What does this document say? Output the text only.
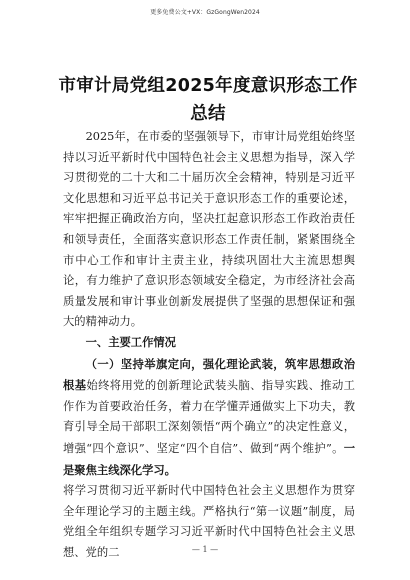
更多免费公文+VX：GzGongWen2024
市审计局党组2025年度意识形态工作总结

2025年，在市委的坚强领导下，市审计局党组始终坚持以习近平新时代中国特色社会主义思想为指导，深入学习贯彻党的二十大和二十届历次全会精神，特别是习近平文化思想和习近平总书记关于意识形态工作的重要论述，牢牢把握正确政治方向，坚决扛起意识形态工作政治责任和领导责任，全面落实意识形态工作责任制，紧紧围绕全市中心工作和审计主责主业，持续巩固壮大主流思想舆论，有力维护了意识形态领域安全稳定，为市经济社会高质量发展和审计事业创新发展提供了坚强的思想保证和强大的精神动力。

一、主要工作情况

（一）坚持举旗定向，强化理论武装，筑牢思想政治根基始终将用党的创新理论武装头脑、指导实践、推动工作作为首要政治任务，着力在学懂弄通做实上下功夫，教育引导全局干部职工深刻领悟“两个确立”的决定性意义，增强“四个意识”、坚定“四个自信”、做到“两个维护”。一是聚焦主线深化学习。

将学习贯彻习近平新时代中国特色社会主义思想作为贯穿全年理论学习的主题主线。严格执行“第一议题”制度，局党组全年组织专题学习习近平新时代中国特色社会主义思想、党的二	— 1 —
